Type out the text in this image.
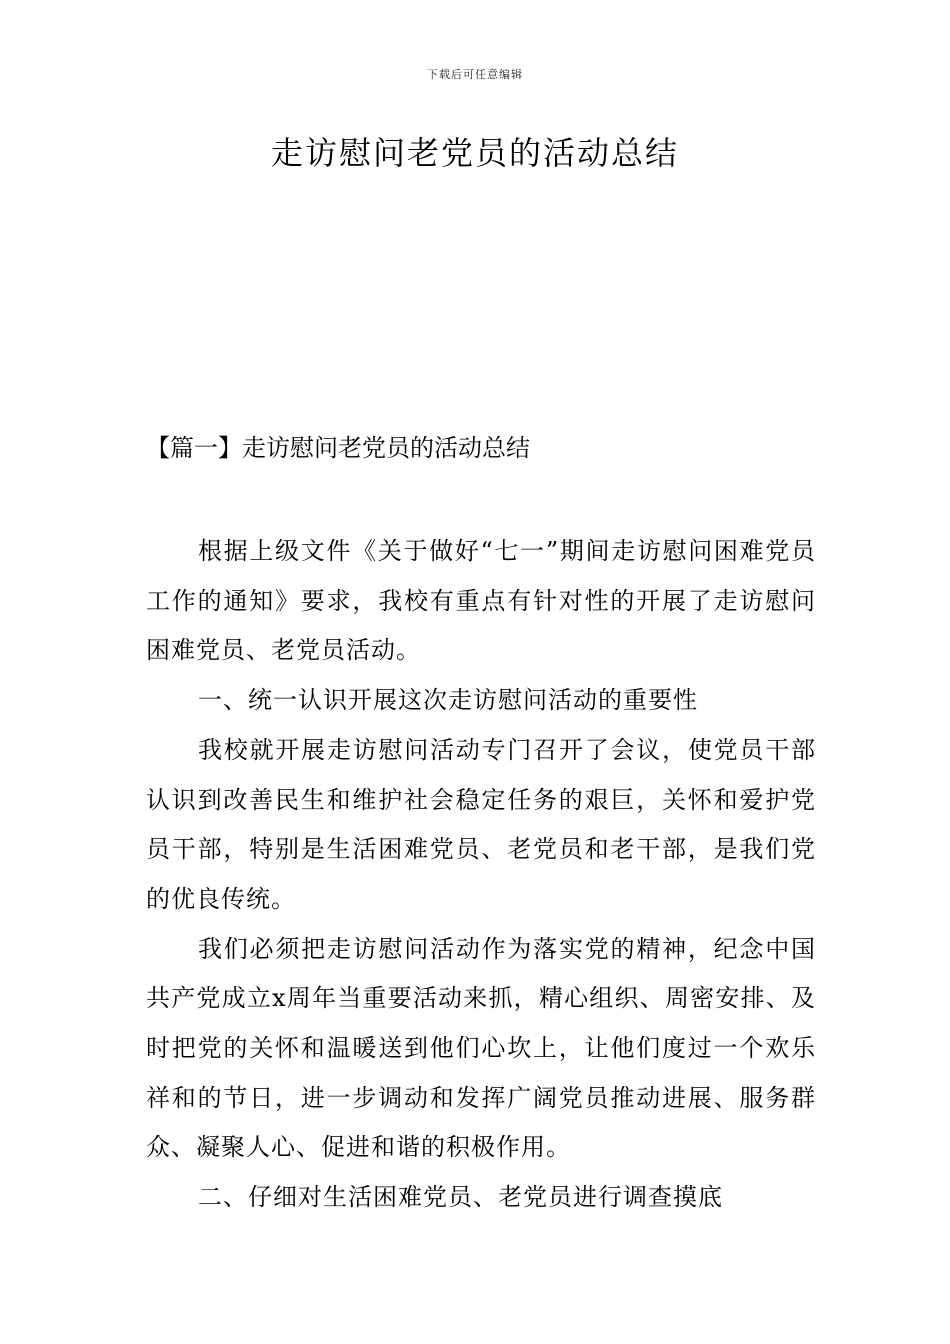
下载后可任意编辑
走访慰问老党员的活动总结
【篇一】走访慰问老党员的活动总结

根据上级文件《关于做好“七一”期间走访慰问困难党员工作的通知》要求，我校有重点有针对性的开展了走访慰问困难党员、老党员活动。

一、统一认识开展这次走访慰问活动的重要性

我校就开展走访慰问活动专门召开了会议，使党员干部认识到改善民生和维护社会稳定任务的艰巨，关怀和爱护党员干部，特别是生活困难党员、老党员和老干部，是我们党的优良传统。

我们必须把走访慰问活动作为落实党的精神，纪念中国共产党成立x周年当重要活动来抓，精心组织、周密安排、及时把党的关怀和温暖送到他们心坎上，让他们度过一个欢乐祥和的节日，进一步调动和发挥广阔党员推动进展、服务群众、凝聚人心、促进和谐的积极作用。

二、仔细对生活困难党员、老党员进行调查摸底
